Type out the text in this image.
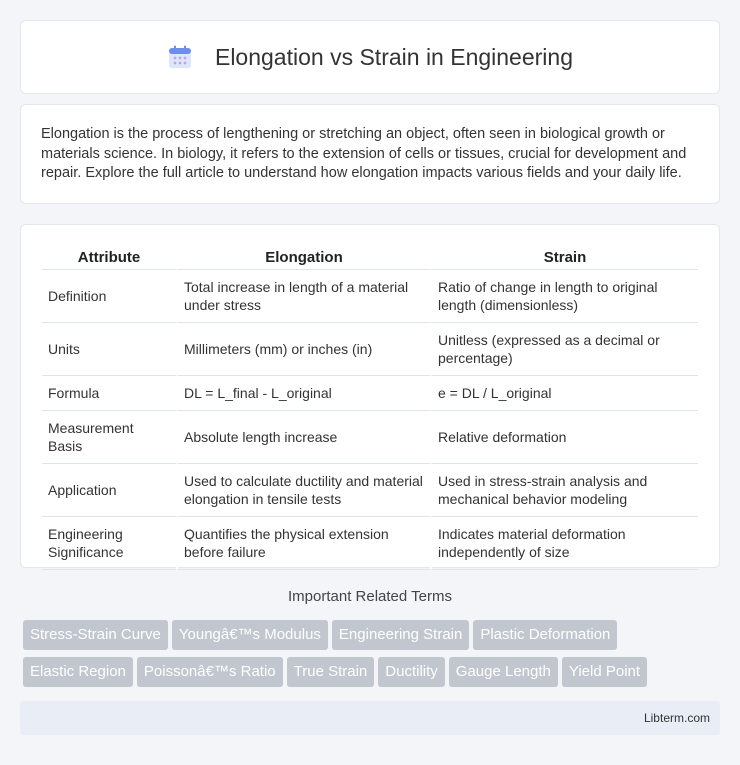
Elongation vs Strain in Engineering

Elongation is the process of lengthening or stretching an object, often seen in biological growth or materials science. In biology, it refers to the extension of cells or tissues, crucial for development and repair. Explore the full article to understand how elongation impacts various fields and your daily life.

Attribute	Elongation	Strain
Definition	Total increase in length of a material under stress	Ratio of change in length to original length (dimensionless)
Units	Millimeters (mm) or inches (in)	Unitless (expressed as a decimal or percentage)
Formula	DL = L_final - L_original	e = DL / L_original
Measurement Basis	Absolute length increase	Relative deformation
Application	Used to calculate ductility and material elongation in tensile tests	Used in stress-strain analysis and mechanical behavior modeling
Engineering Significance	Quantifies the physical extension before failure	Indicates material deformation independently of size
Important Related Terms
Stress-Strain Curve Youngâ€™s Modulus Engineering Strain Plastic Deformation
Elastic Region Poissonâ€™s Ratio True Strain Ductility Gauge Length Yield Point
Libterm.com
